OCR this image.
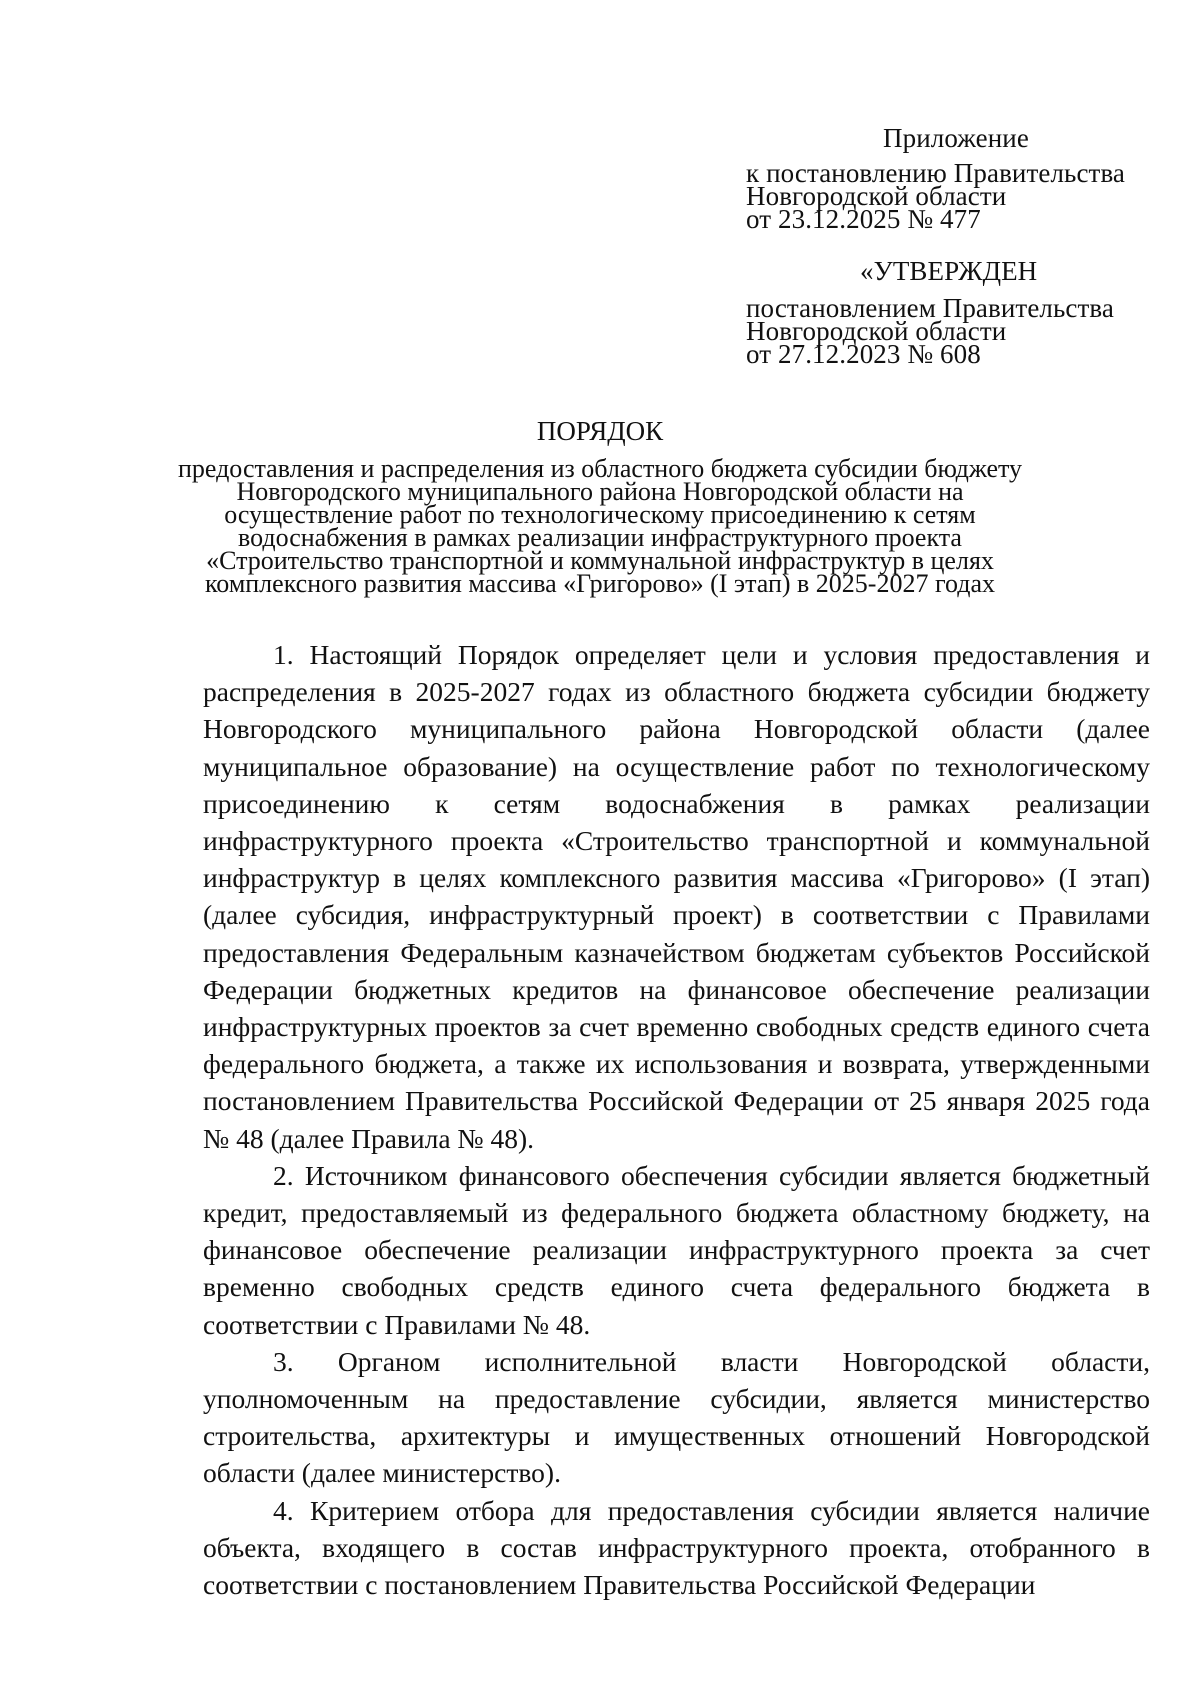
Приложение
к постановлению Правительства
Новгородской области
от 23.12.2025 № 477
«УТВЕРЖДЕН
постановлением Правительства
Новгородской области
от 27.12.2023 № 608
ПОРЯДОК
предоставления и распределения из областного бюджета субсидии бюджету
Новгородского муниципального района Новгородской области на
осуществление работ по технологическому присоединению к сетям
водоснабжения в рамках реализации инфраструктурного проекта
«Строительство транспортной и коммунальной инфраструктур в целях
комплексного развития массива «Григорово» (I этап) в 2025-2027 годах

1. Настоящий Порядок определяет цели и условия предоставления и распределения в 2025-2027 годах из областного бюджета субсидии бюджету Новгородского муниципального района Новгородской области (далее муниципальное образование) на осуществление работ по технологическому присоединению к сетям водоснабжения в рамках реализации инфраструктурного проекта «Строительство транспортной и коммунальной инфраструктур в целях комплексного развития массива «Григорово» (I этап) (далее субсидия, инфраструктурный проект) в соответствии с Правилами предоставления Федеральным казначейством бюджетам субъектов Российской Федерации бюджетных кредитов на финансовое обеспечение реализации инфраструктурных проектов за счет временно свободных средств единого счета федерального бюджета, а также их использования и возврата, утвержденными постановлением Правительства Российской Федерации от 25 января 2025 года № 48 (далее Правила № 48).

2. Источником финансового обеспечения субсидии является бюджетный кредит, предоставляемый из федерального бюджета областному бюджету, на финансовое обеспечение реализации инфраструктурного проекта за счет временно свободных средств единого счета федерального бюджета в соответствии с Правилами № 48.

3. Органом исполнительной власти Новгородской области, уполномоченным на предоставление субсидии, является министерство строительства, архитектуры и имущественных отношений Новгородской области (далее министерство).

4. Критерием отбора для предоставления субсидии является наличие объекта, входящего в состав инфраструктурного проекта, отобранного в соответствии с постановлением Правительства Российской Федерации
